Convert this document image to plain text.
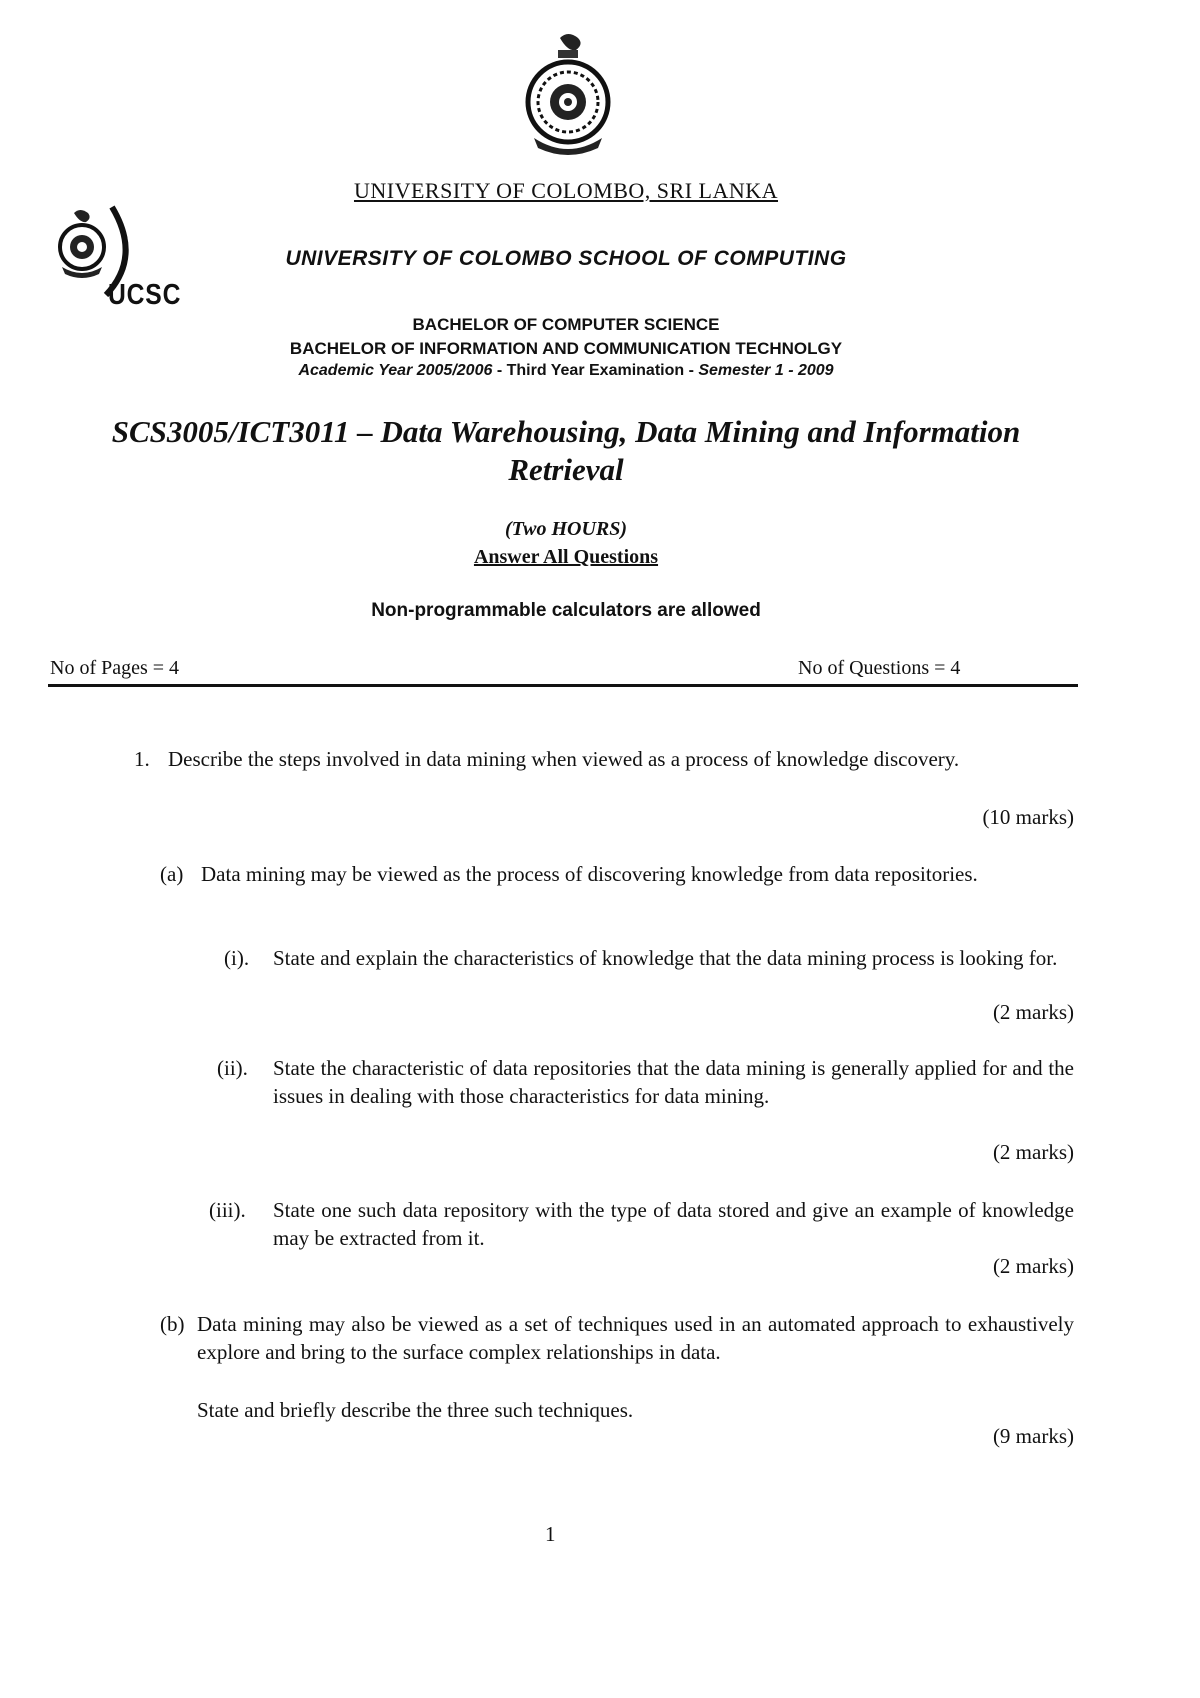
UCSC
UNIVERSITY OF COLOMBO, SRI LANKA
UNIVERSITY OF COLOMBO SCHOOL OF COMPUTING
BACHELOR OF COMPUTER SCIENCE
BACHELOR OF INFORMATION AND COMMUNICATION TECHNOLGY
Academic Year 2005/2006 - Third Year Examination - Semester 1 - 2009
SCS3005/ICT3011 – Data Warehousing, Data Mining and Information
Retrieval
(Two HOURS)
Answer All Questions
Non-programmable calculators are allowed
No of Pages = 4	No of Questions = 4
1. Describe the steps involved in data mining when viewed as a process of knowledge discovery.
(10 marks)
(a) Data mining may be viewed as the process of discovering knowledge from data repositories.
(i). State and explain the characteristics of knowledge that the data mining process is looking for.
(2 marks)
(ii). State the characteristic of data repositories that the data mining is generally applied for and the issues in dealing with those characteristics for data mining.
(2 marks)
(iii). State one such data repository with the type of data stored and give an example of knowledge may be extracted from it.
(2 marks)
(b) Data mining may also be viewed as a set of techniques used in an automated approach to exhaustively explore and bring to the surface complex relationships in data.
State and briefly describe the three such techniques.
(9 marks)
1
